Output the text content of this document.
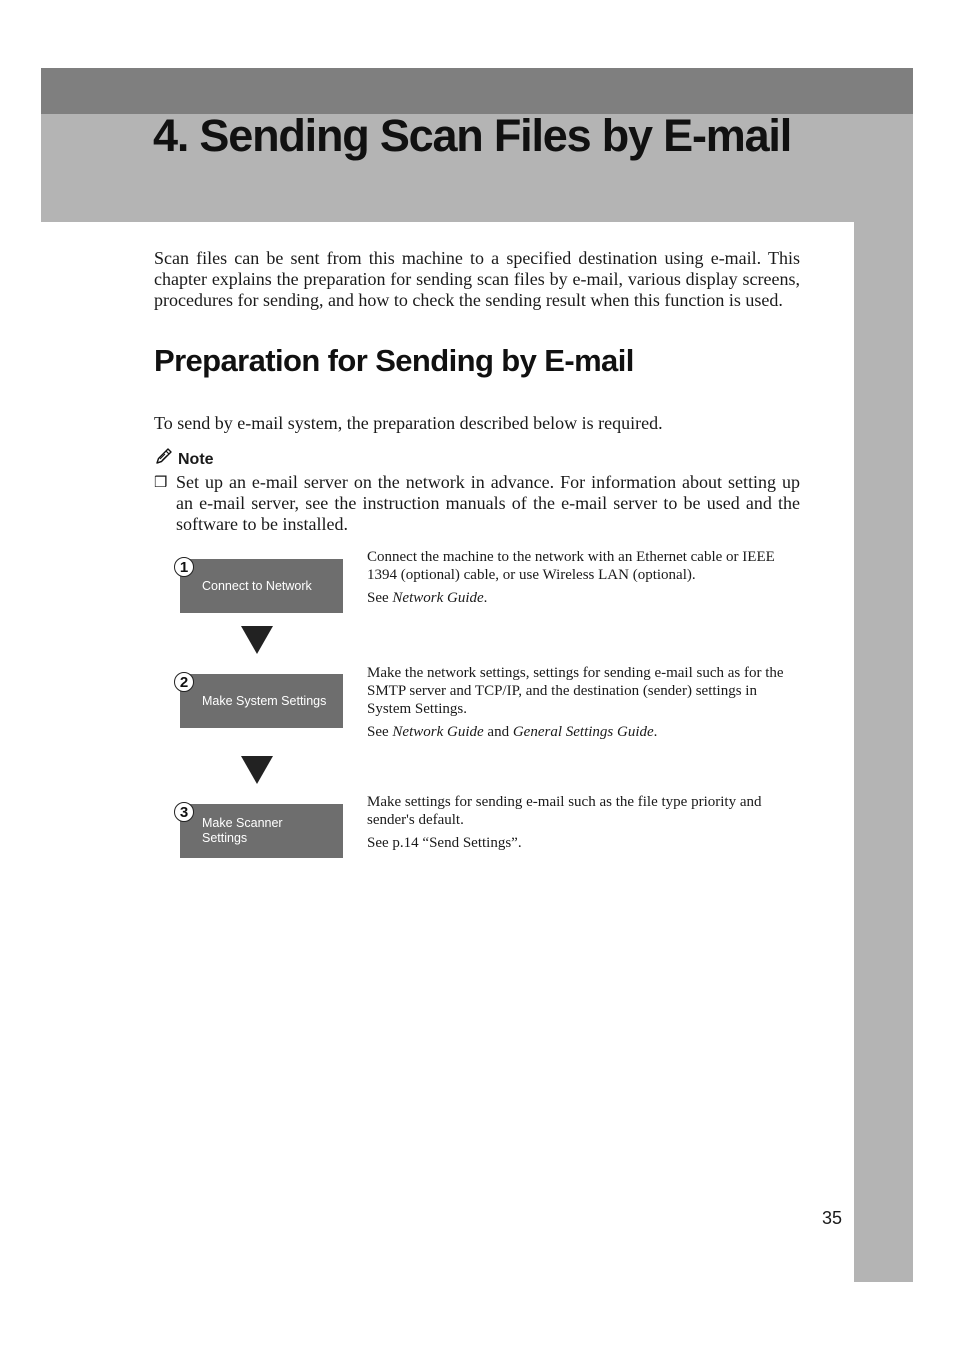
4. Sending Scan Files by E-mail

Scan files can be sent from this machine to a specified destination using e-mail. This chapter explains the preparation for sending scan files by e-mail, various display screens, procedures for sending, and how to check the sending result when this function is used.

Preparation for Sending by E-mail

To send by e-mail system, the preparation described below is required.

Note
❒ Set up an e-mail server on the network in advance. For information about setting up an e-mail server, see the instruction manuals of the e-mail server to be used and the software to be installed.
Connect to Network
1

Connect the machine to the network with an Ethernet cable or IEEE 1394 (optional) cable, or use Wireless LAN (optional).

See Network Guide.

Make System Settings
2

Make the network settings, settings for sending e-mail such as for the SMTP server and TCP/IP, and the destination (sender) settings in System Settings.

See Network Guide and General Settings Guide.

Make Scanner Settings
3

Make settings for sending e-mail such as the file type priority and sender's default.

See p.14 “Send Settings”.

35
